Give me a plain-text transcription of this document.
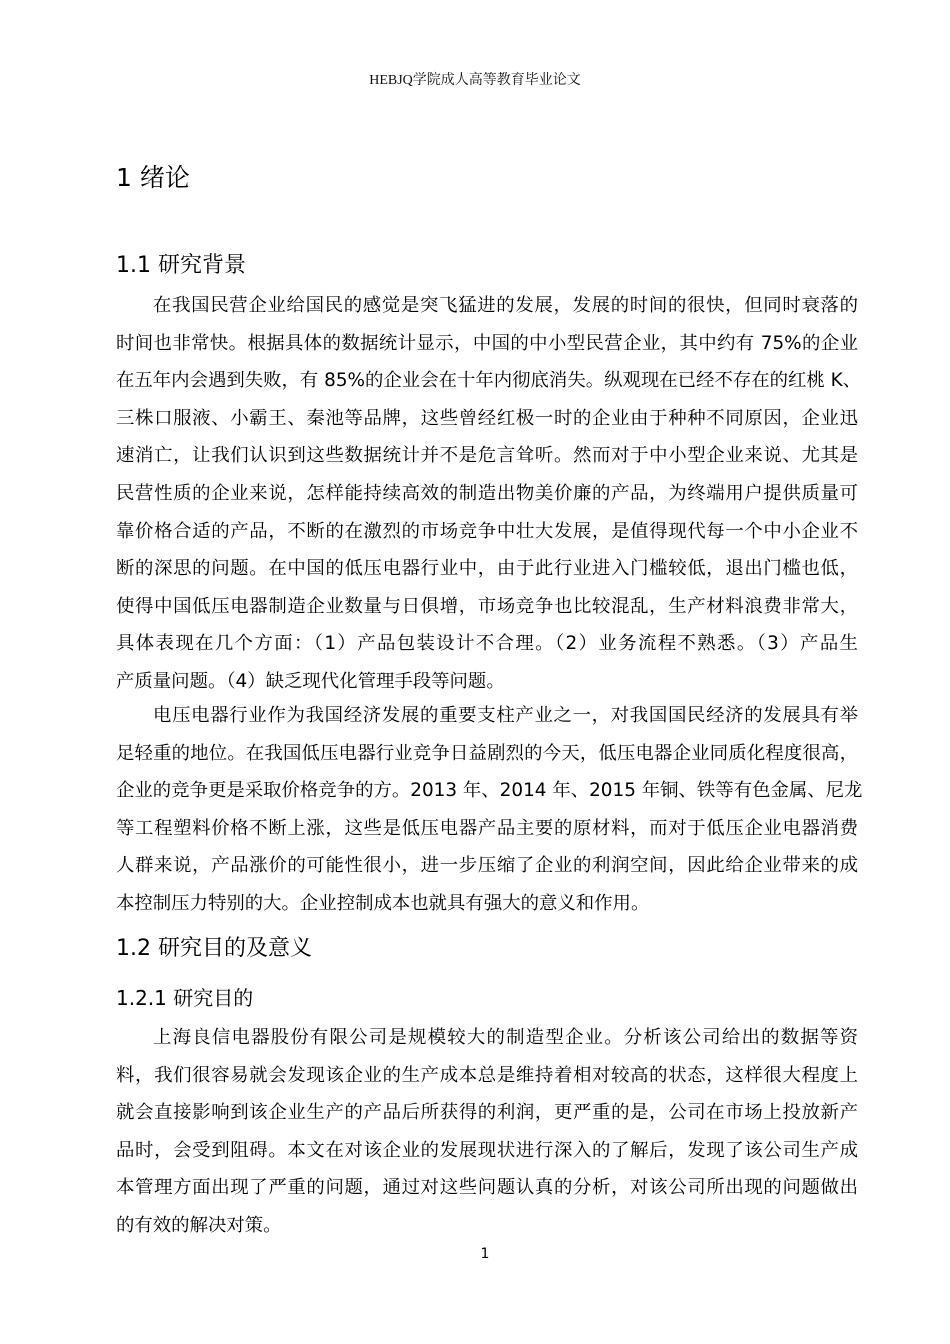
HEBJQ学院成人高等教育毕业论文
1 绪论
1.1 研究背景
在我国民营企业给国民的感觉是突飞猛进的发展，发展的时间的很快，但同时衰落的
时间也非常快。根据具体的数据统计显示，中国的中小型民营企业，其中约有 75%的企业
在五年内会遇到失败，有 85%的企业会在十年内彻底消失。纵观现在已经不存在的红桃 K、
三株口服液、小霸王、秦池等品牌，这些曾经红极一时的企业由于种种不同原因，企业迅
速消亡，让我们认识到这些数据统计并不是危言耸听。然而对于中小型企业来说、尤其是
民营性质的企业来说，怎样能持续高效的制造出物美价廉的产品，为终端用户提供质量可
靠价格合适的产品，不断的在激烈的市场竞争中壮大发展，是值得现代每一个中小企业不
断的深思的问题。在中国的低压电器行业中，由于此行业进入门槛较低，退出门槛也低，
使得中国低压电器制造企业数量与日俱增，市场竞争也比较混乱，生产材料浪费非常大，
具体表现在几个方面：（1）产品包装设计不合理。（2）业务流程不熟悉。（3）产品生
产质量问题。（4）缺乏现代化管理手段等问题。
电压电器行业作为我国经济发展的重要支柱产业之一，对我国国民经济的发展具有举
足轻重的地位。在我国低压电器行业竞争日益剧烈的今天，低压电器企业同质化程度很高，
企业的竞争更是采取价格竞争的方。2013 年、2014 年、2015 年铜、铁等有色金属、尼龙
等工程塑料价格不断上涨，这些是低压电器产品主要的原材料，而对于低压企业电器消费
人群来说，产品涨价的可能性很小，进一步压缩了企业的利润空间，因此给企业带来的成
本控制压力特别的大。企业控制成本也就具有强大的意义和作用。
1.2 研究目的及意义
1.2.1 研究目的
上海良信电器股份有限公司是规模较大的制造型企业。分析该公司给出的数据等资
料，我们很容易就会发现该企业的生产成本总是维持着相对较高的状态，这样很大程度上
就会直接影响到该企业生产的产品后所获得的利润，更严重的是，公司在市场上投放新产
品时，会受到阻碍。本文在对该企业的发展现状进行深入的了解后，发现了该公司生产成
本管理方面出现了严重的问题，通过对这些问题认真的分析，对该公司所出现的问题做出
的有效的解决对策。
1
